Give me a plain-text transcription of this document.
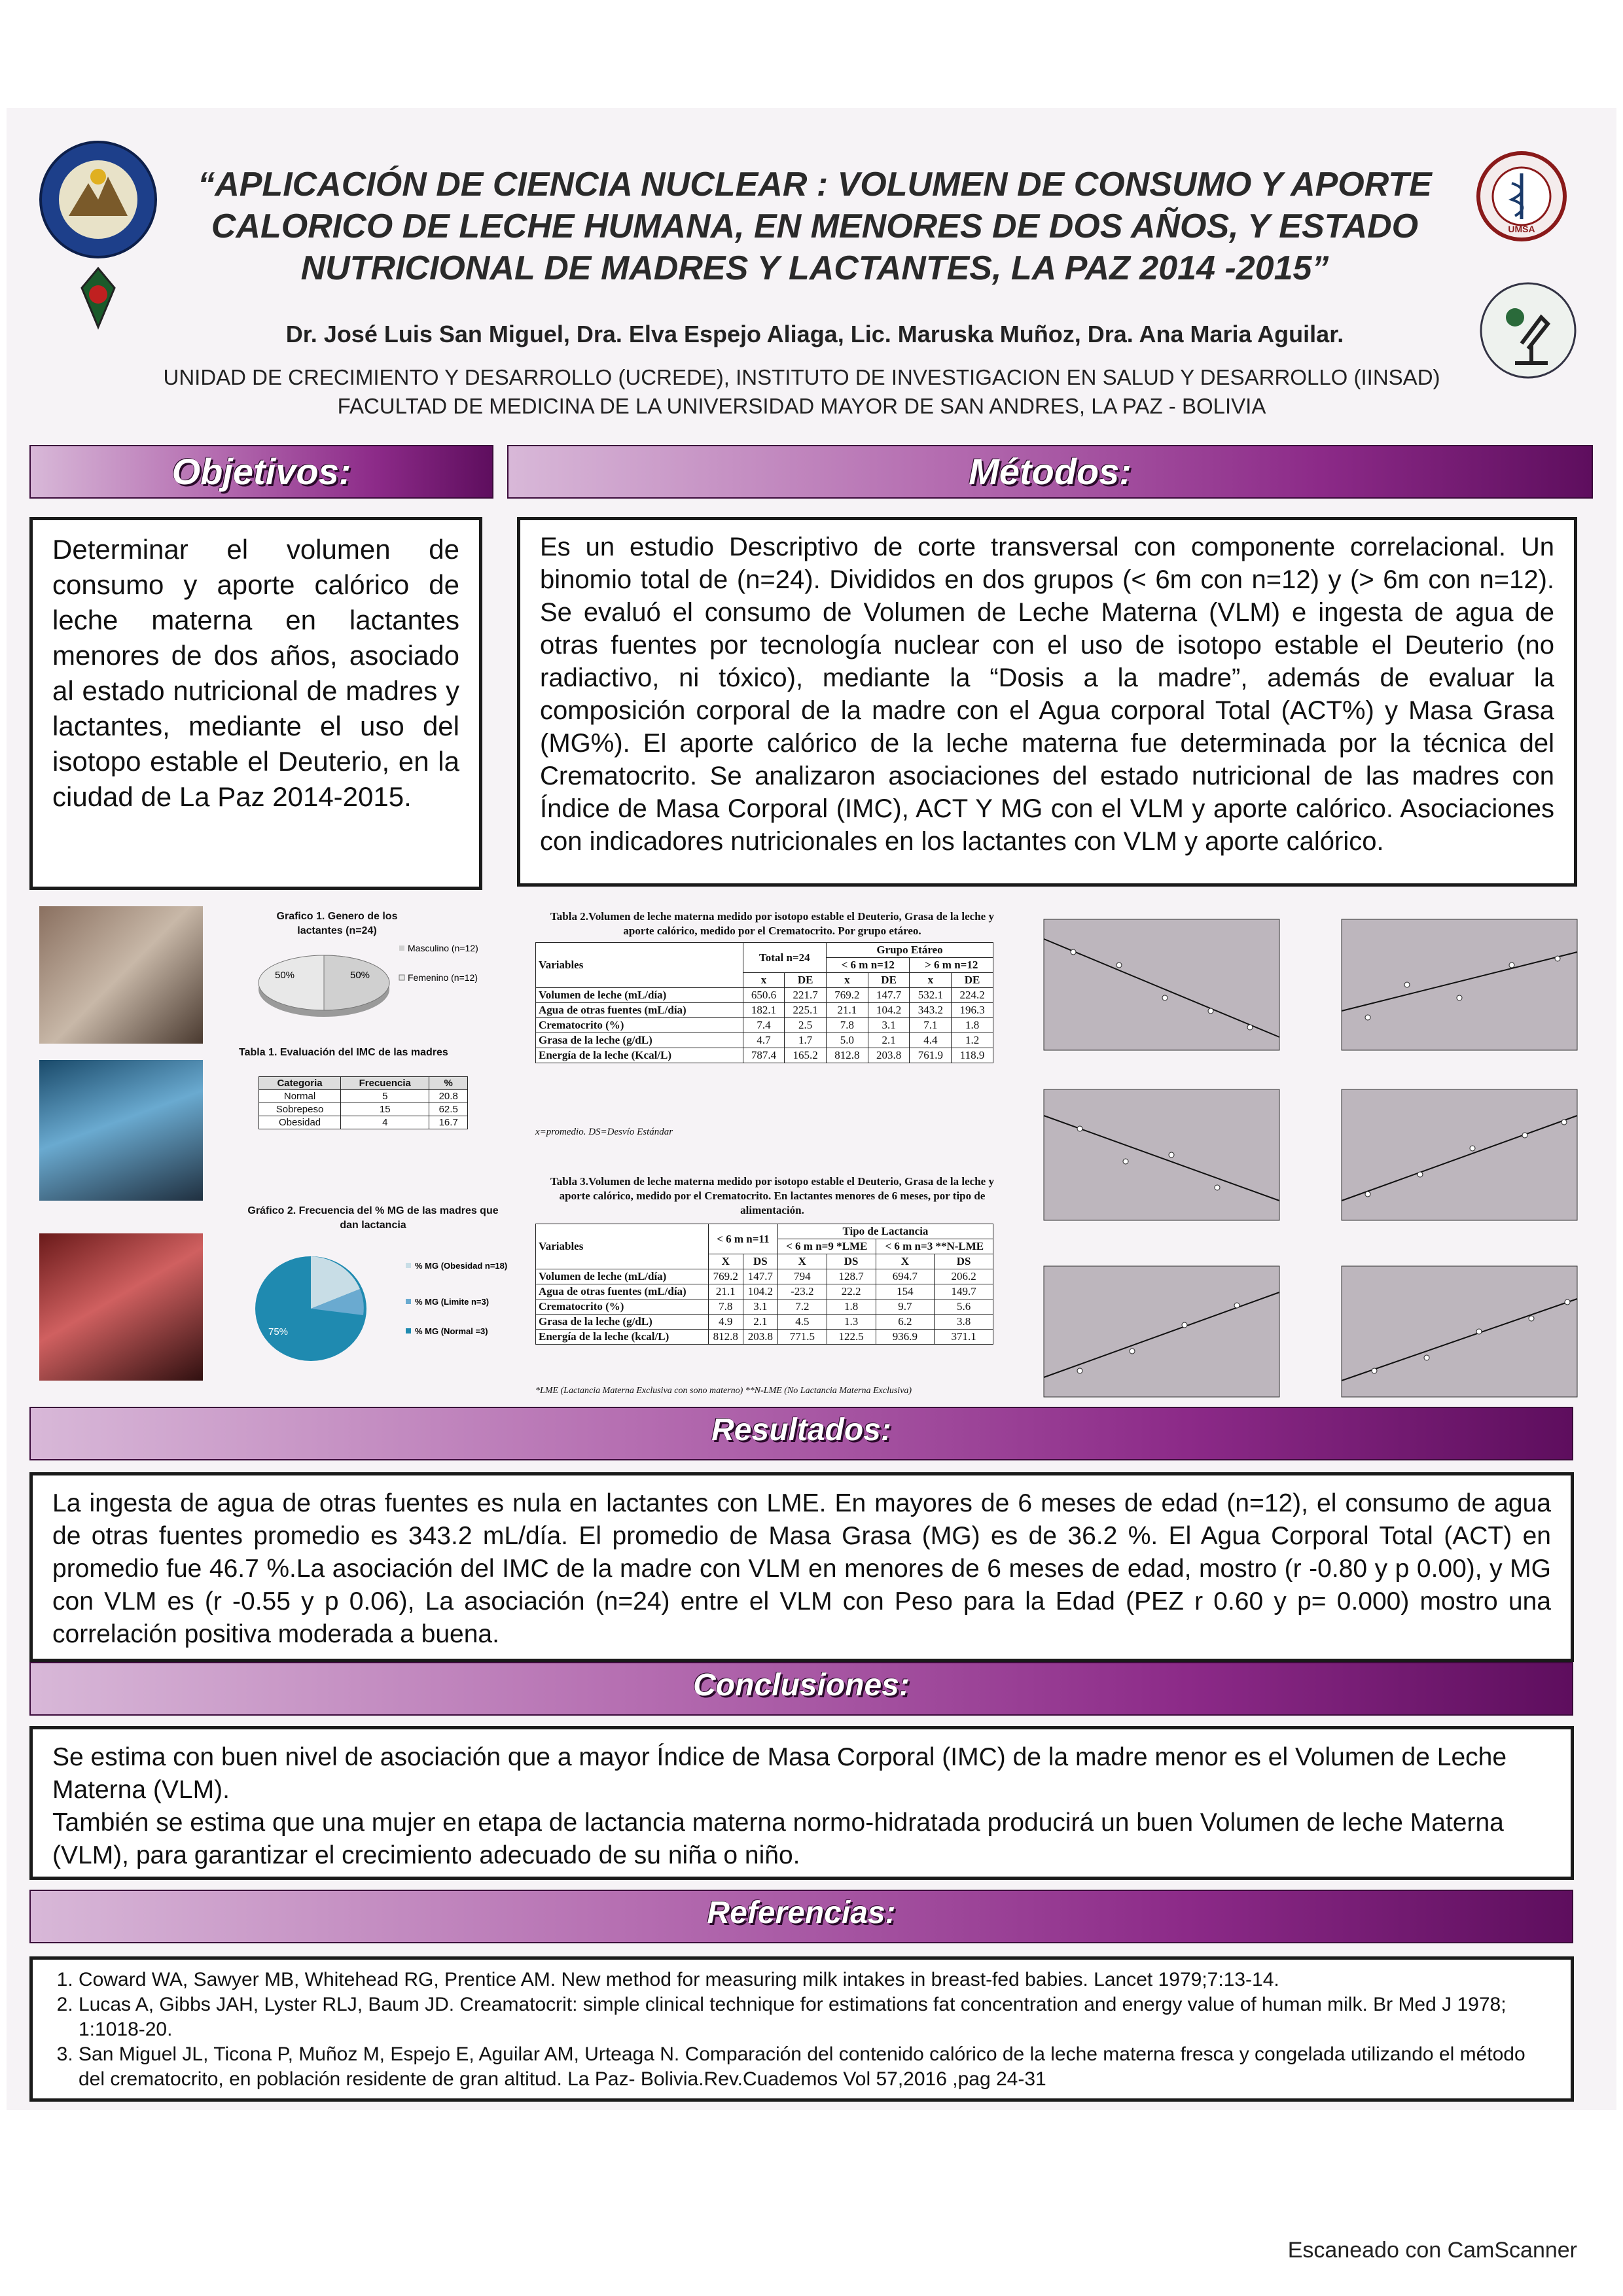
UMSA
“APLICACIÓN DE CIENCIA NUCLEAR : VOLUMEN DE CONSUMO Y APORTE
CALORICO DE LECHE HUMANA, EN MENORES DE DOS AÑOS, Y ESTADO
NUTRICIONAL DE MADRES Y LACTANTES, LA PAZ 2014 -2015”
Dr. José Luis San Miguel, Dra. Elva Espejo Aliaga, Lic. Maruska Muñoz, Dra. Ana Maria Aguilar.
UNIDAD DE CRECIMIENTO Y DESARROLLO (UCREDE), INSTITUTO DE INVESTIGACION EN SALUD Y DESARROLLO (IINSAD)
FACULTAD DE MEDICINA DE LA UNIVERSIDAD MAYOR DE SAN ANDRES, LA PAZ - BOLIVIA
Objetivos:	Métodos:
Determinar el volumen de consumo y aporte calórico de leche materna en lactantes menores de dos años, asociado al estado nutricional de madres y lactantes, mediante el uso del isotopo estable el Deuterio, en la ciudad de La Paz 2014-2015.
Es un estudio Descriptivo de corte transversal con componente correlacional. Un binomio total de (n=24). Divididos en dos grupos (< 6m con n=12) y (> 6m con n=12). Se evaluó el consumo de Volumen de Leche Materna (VLM) e ingesta de agua de otras fuentes por tecnología nuclear con el uso de isotopo estable el Deuterio (no radiactivo, ni tóxico), mediante la “Dosis a la madre”, además de evaluar la composición corporal de la madre con el Agua corporal Total (ACT%) y Masa Grasa (MG%). El aporte calórico de la leche materna fue determinada por la técnica del Crematocrito. Se analizaron asociaciones del estado nutricional de las madres con Índice de Masa Corporal (IMC), ACT Y MG con el VLM y aporte calórico. Asociaciones con indicadores nutricionales en los lactantes con VLM y aporte calórico.
Grafico 1. Genero de los lactantes (n=24)
50%	50%
Masculino (n=12)
Femenino (n=12)
Tabla 1. Evaluación del IMC de las madres
Categoria	Frecuencia	%
Normal	5	20.8
Sobrepeso	15	62.5
Obesidad	4	16.7
Gráfico 2. Frecuencia del % MG de las madres que dan lactancia
75%
% MG (Obesidad n=18)
% MG (Limite n=3)
% MG (Normal =3)
Tabla 2.Volumen de leche materna medido por isotopo estable el Deuterio, Grasa de la leche y aporte calórico, medido por el Crematocrito. Por grupo etáreo.
Variables	Total n=24		Grupo Etáreo			
			< 6 m n=12		> 6 m n=12	
	x	DE	x	DE	x	DE
Volumen de leche (mL/día)	650.6	221.7	769.2	147.7	532.1	224.2
Agua de otras fuentes (mL/día)	182.1	225.1	21.1	104.2	343.2	196.3
Crematocrito (%)	7.4	2.5	7.8	3.1	7.1	1.8
Grasa de la leche (g/dL)	4.7	1.7	5.0	2.1	4.4	1.2
Energía de la leche (Kcal/L)	787.4	165.2	812.8	203.8	761.9	118.9
x=promedio. DS=Desvío Estándar
Tabla 3.Volumen de leche materna medido por isotopo estable el Deuterio, Grasa de la leche y aporte calórico, medido por el Crematocrito. En lactantes menores de 6 meses, por tipo de alimentación.
Variables	< 6 m n=11		Tipo de Lactancia			
			< 6 m n=9 *LME		< 6 m n=3 **N-LME	
	X	DS	X	DS	X	DS
Volumen de leche (mL/día)	769.2	147.7	794	128.7	694.7	206.2
Agua de otras fuentes (mL/día)	21.1	104.2	-23.2	22.2	154	149.7
Crematocrito (%)	7.8	3.1	7.2	1.8	9.7	5.6
Grasa de la leche (g/dL)	4.9	2.1	4.5	1.3	6.2	3.8
Energía de la leche (kcal/L)	812.8	203.8	771.5	122.5	936.9	371.1
*LME (Lactancia Materna Exclusiva con sono materno) **N-LME (No Lactancia Materna Exclusiva)
Resultados:
La ingesta de agua de otras fuentes es nula en lactantes con LME. En mayores de 6 meses de edad (n=12), el consumo de agua de otras fuentes promedio es 343.2 mL/día. El promedio de Masa Grasa (MG) es de 36.2 %. El Agua Corporal Total (ACT) en promedio fue 46.7 %.La asociación del IMC de la madre con VLM en menores de 6 meses de edad, mostro (r -0.80 y p 0.00), y MG con VLM es (r -0.55 y p 0.06), La asociación (n=24) entre el VLM con Peso para la Edad (PEZ r 0.60 y p= 0.000) mostro una correlación positiva moderada a buena.
Conclusiones:
Se estima con buen nivel de asociación que a mayor Índice de Masa Corporal (IMC) de la madre menor es el Volumen de Leche Materna (VLM).
También se estima que una mujer en etapa de lactancia materna normo-hidratada producirá un buen Volumen de leche Materna (VLM), para garantizar el crecimiento adecuado de su niña o niño.
Referencias:
1. Coward WA, Sawyer MB, Whitehead RG, Prentice AM. New method for measuring milk intakes in breast-fed babies. Lancet 1979;7:13-14.
2. Lucas A, Gibbs JAH, Lyster RLJ, Baum JD. Creamatocrit: simple clinical technique for estimations fat concentration and energy value of human milk. Br Med J 1978; 1:1018-20.
3. San Miguel JL, Ticona P, Muñoz M, Espejo E, Aguilar AM, Urteaga N. Comparación del contenido calórico de la leche materna fresca y congelada utilizando el método del crematocrito, en población residente de gran altitud. La Paz- Bolivia.Rev.Cuademos Vol 57,2016 ,pag 24-31
Escaneado con CamScanner
